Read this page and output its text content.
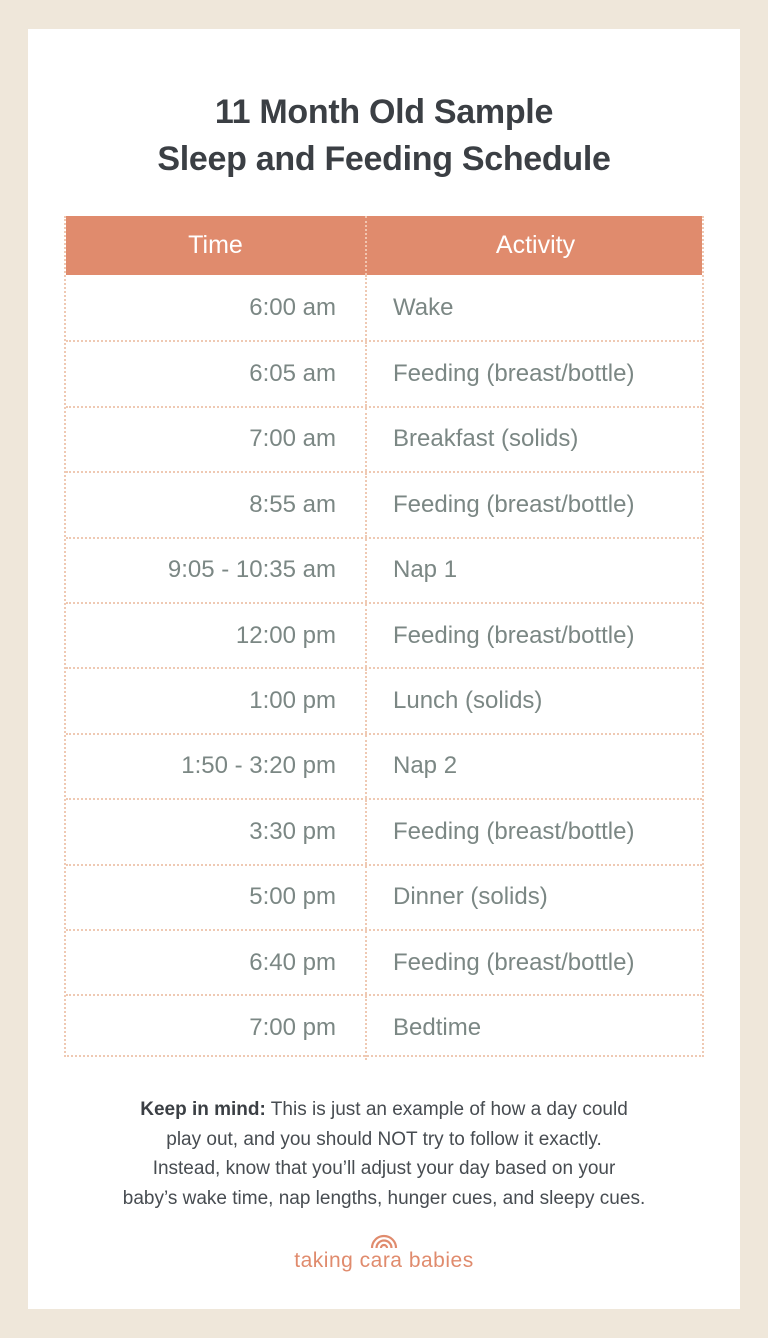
11 Month Old Sample
Sleep and Feeding Schedule
Time	Activity
6:00 am Wake
6:05 am Feeding (breast/bottle)
7:00 am Breakfast (solids)
8:55 am Feeding (breast/bottle)
9:05 - 10:35 am Nap 1
12:00 pm Feeding (breast/bottle)
1:00 pm Lunch (solids)
1:50 - 3:20 pm Nap 2
3:30 pm Feeding (breast/bottle)
5:00 pm Dinner (solids)
6:40 pm Feeding (breast/bottle)
7:00 pm Bedtime
Keep in mind: This is just an example of how a day could
play out, and you should NOT try to follow it exactly.
Instead, know that you’ll adjust your day based on your
baby’s wake time, nap lengths, hunger cues, and sleepy cues.
taking cara babies
